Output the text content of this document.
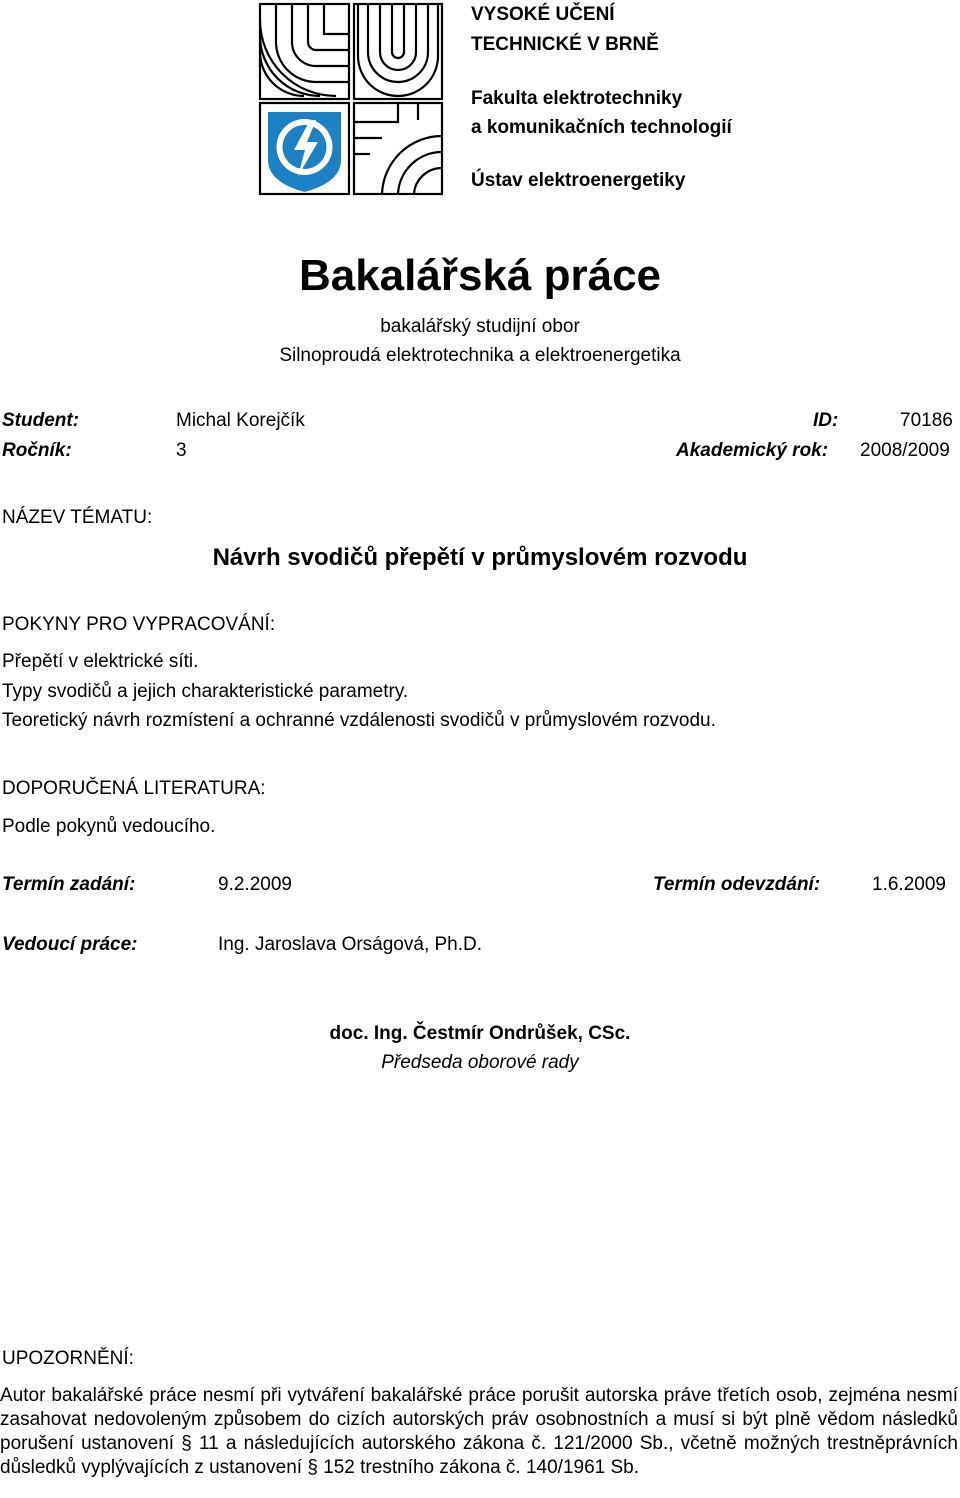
VYSOKÉ UČENÍ
TECHNICKÉ V BRNĚ
Fakulta elektrotechniky
a komunikačních technologií
Ústav elektroenergetiky
Bakalářská práce
bakalářský studijní obor
Silnoproudá elektrotechnika a elektroenergetika
Student:	Michal Korejčík	ID:	70186
Ročník:	3	Akademický rok: 2008/2009
NÁZEV TÉMATU:
Návrh svodičů přepětí v průmyslovém rozvodu
POKYNY PRO VYPRACOVÁNÍ:
Přepětí v elektrické síti.
Typy svodičů a jejich charakteristické parametry.
Teoretický návrh rozmístení a ochranné vzdálenosti svodičů v průmyslovém rozvodu.
DOPORUČENÁ LITERATURA:
Podle pokynů vedoucího.
Termín zadání:	9.2.2009	Termín odevzdání:	1.6.2009
Vedoucí práce:	Ing. Jaroslava Orságová, Ph.D.
doc. Ing. Čestmír Ondrůšek, CSc.
Předseda oborové rady
UPOZORNĚNÍ:
Autor bakalářské práce nesmí při vytváření bakalářské práce porušit autorska práve třetích osob, zejména nesmí zasahovat nedovoleným způsobem do cizích autorských práv osobnostních a musí si být plně vědom následků porušení ustanovení § 11 a následujících autorského zákona č. 121/2000 Sb., včetně možných trestněprávních důsledků vyplývajících z ustanovení § 152 trestního zákona č. 140/1961 Sb.
